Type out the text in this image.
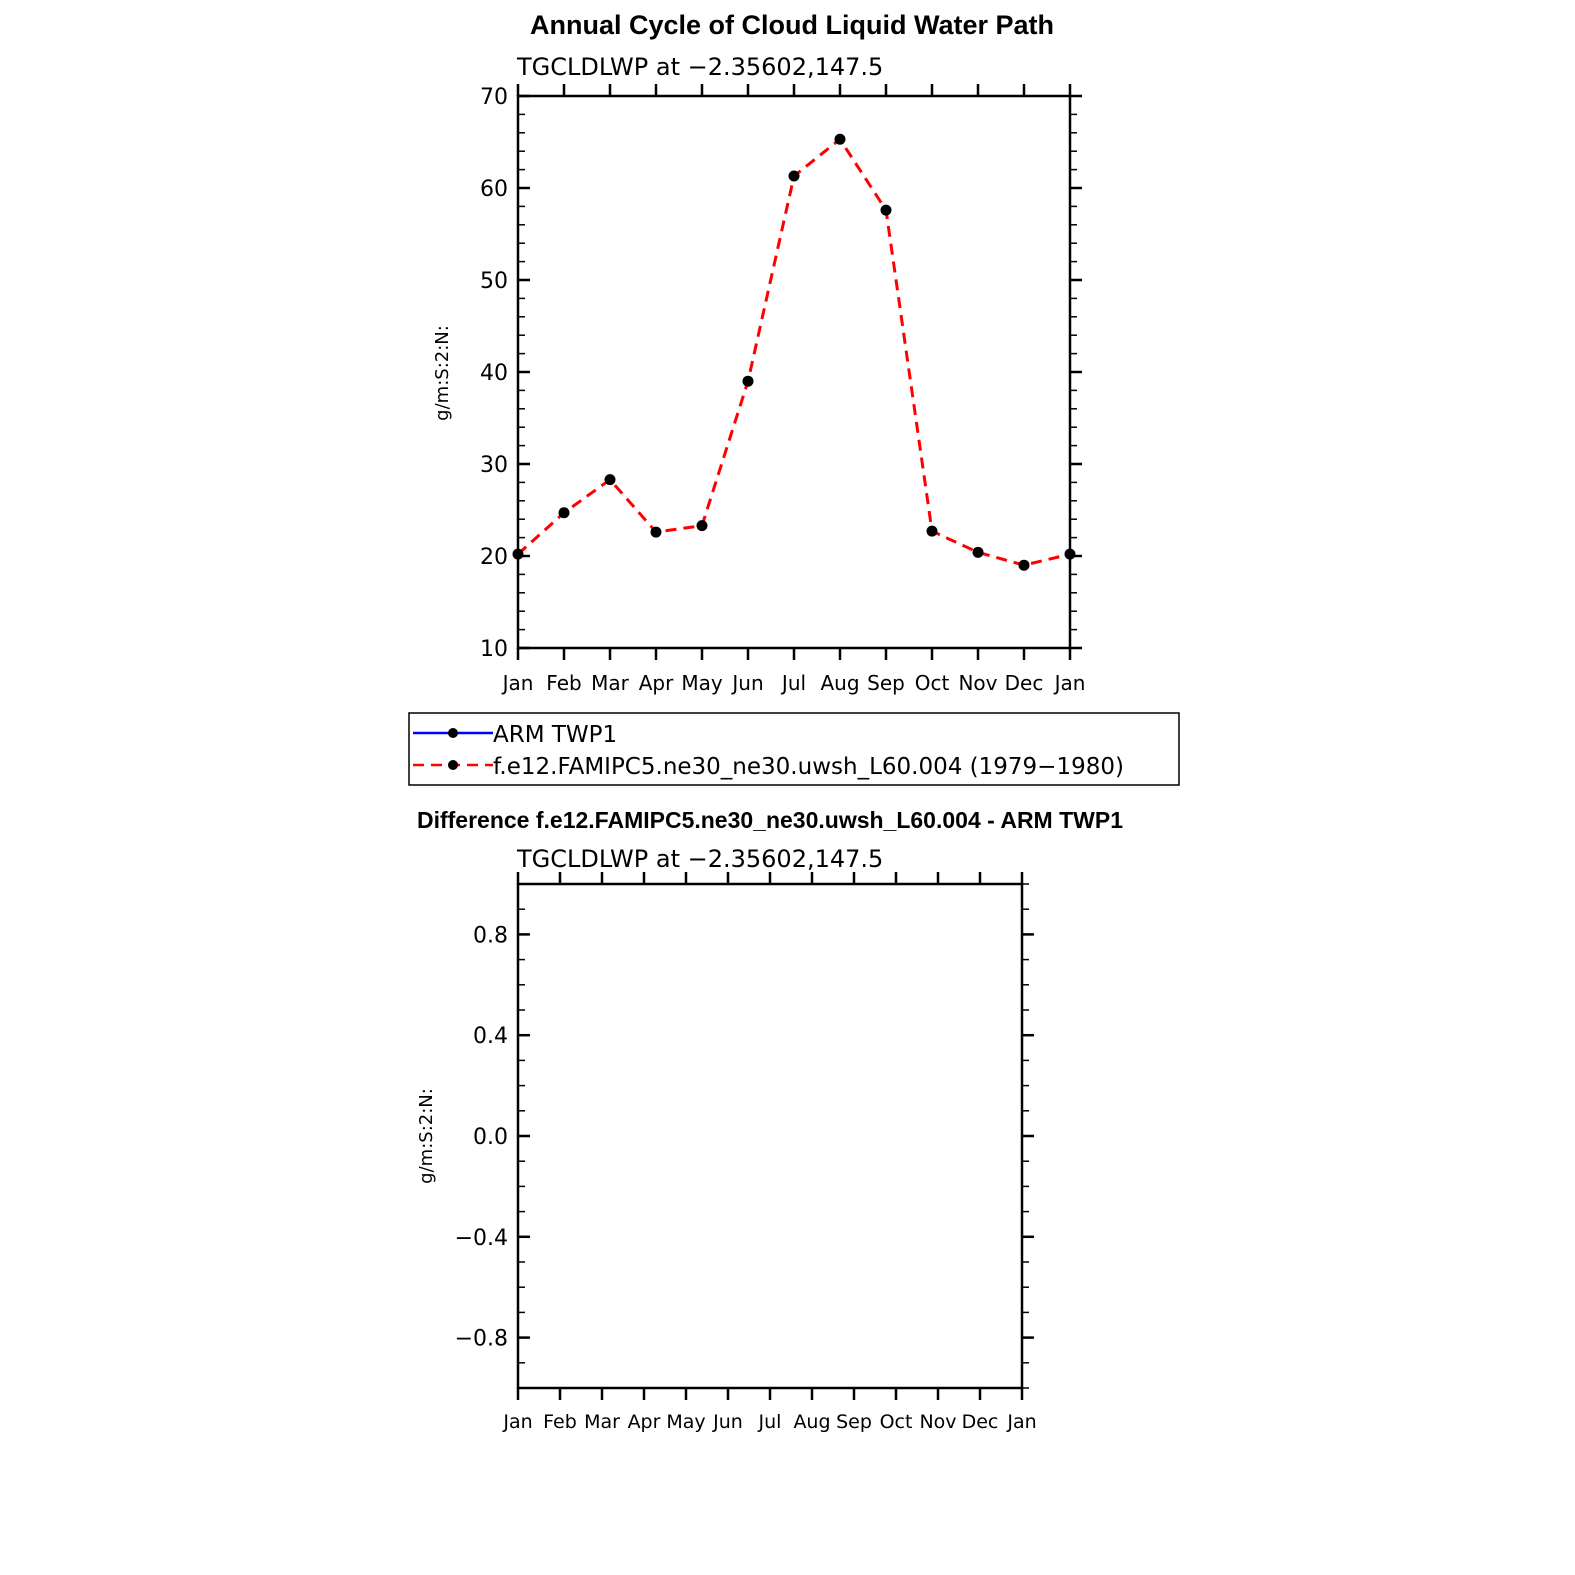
Annual Cycle of Cloud Liquid Water Path
TGCLDLWP at −2.35602,147.5
g/m:S:2:N:
70
60
50
40
30
20
10
Jan Feb Mar Apr May Jun Jul Aug Sep Oct Nov Dec Jan
ARM TWP1
f.e12.FAMIPC5.ne30_ne30.uwsh_L60.004 (1979−1980)
Difference f.e12.FAMIPC5.ne30_ne30.uwsh_L60.004 - ARM TWP1
TGCLDLWP at −2.35602,147.5
g/m:S:2:N:
0.8
0.4
0.0
−0.4
−0.8
Jan Feb Mar Apr May Jun Jul Aug Sep Oct Nov Dec Jan
